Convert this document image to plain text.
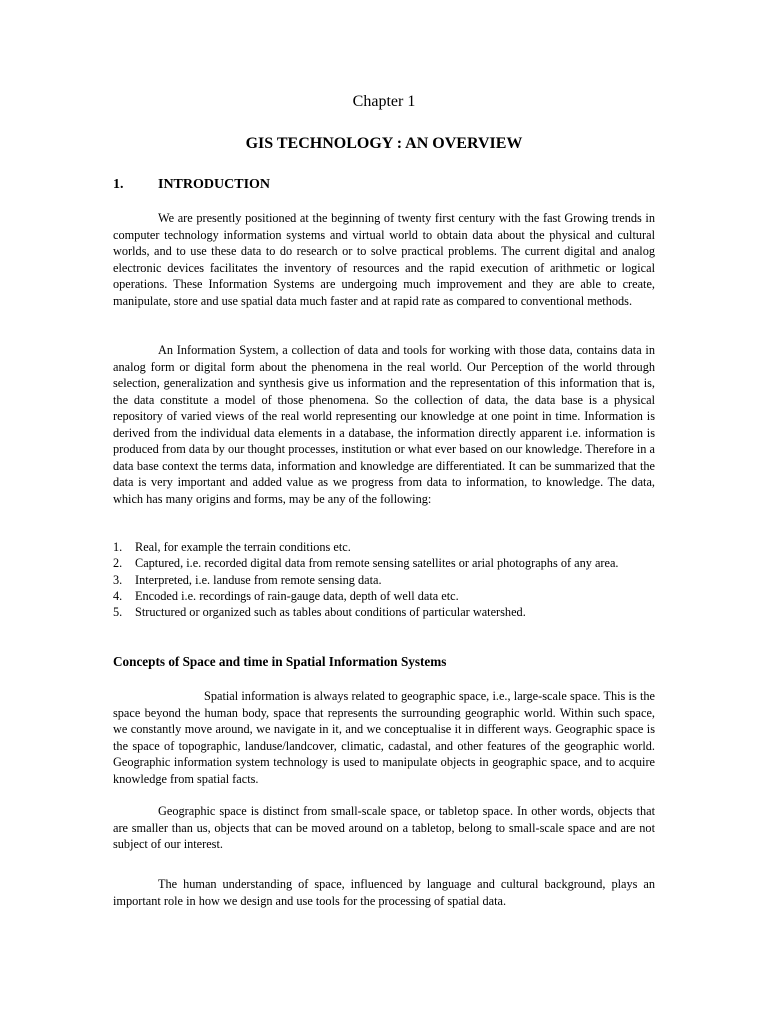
Chapter 1
GIS TECHNOLOGY : AN OVERVIEW
1. INTRODUCTION

We are presently positioned at the beginning of twenty first century with the fast Growing trends in computer technology information systems and virtual world to obtain data about the physical and cultural worlds, and to use these data to do research or to solve practical problems. The current digital and analog electronic devices facilitates the inventory of resources and the rapid execution of arithmetic or logical operations. These Information Systems are undergoing much improvement and they are able to create, manipulate, store and use spatial data much faster and at rapid rate as compared to conventional methods.

An Information System, a collection of data and tools for working with those data, contains data in analog form or digital form about the phenomena in the real world. Our Perception of the world through selection, generalization and synthesis give us information and the representation of this information that is, the data constitute a model of those phenomena. So the collection of data, the data base is a physical repository of varied views of the real world representing our knowledge at one point in time. Information is derived from the individual data elements in a database, the information directly apparent i.e. information is produced from data by our thought processes, institution or what ever based on our knowledge. Therefore in a data base context the terms data, information and knowledge are differentiated. It can be summarized that the data is very important and added value as we progress from data to information, to knowledge. The data, which has many origins and forms, may be any of the following:

1. Real, for example the terrain conditions etc.
2. Captured, i.e. recorded digital data from remote sensing satellites or arial photographs of any area.
3. Interpreted, i.e. landuse from remote sensing data.
4. Encoded i.e. recordings of rain-gauge data, depth of well data etc.
5. Structured or organized such as tables about conditions of particular watershed.
Concepts of Space and time in Spatial Information Systems

Spatial information is always related to geographic space, i.e., large-scale space. This is the space beyond the human body, space that represents the surrounding geographic world. Within such space, we constantly move around, we navigate in it, and we conceptualise it in different ways. Geographic space is the space of topographic, landuse/landcover, climatic, cadastal, and other features of the geographic world. Geographic information system technology is used to manipulate objects in geographic space, and to acquire knowledge from spatial facts.

Geographic space is distinct from small-scale space, or tabletop space. In other words, objects that are smaller than us, objects that can be moved around on a tabletop, belong to small-scale space and are not subject of our interest.

The human understanding of space, influenced by language and cultural background, plays an important role in how we design and use tools for the processing of spatial data.
